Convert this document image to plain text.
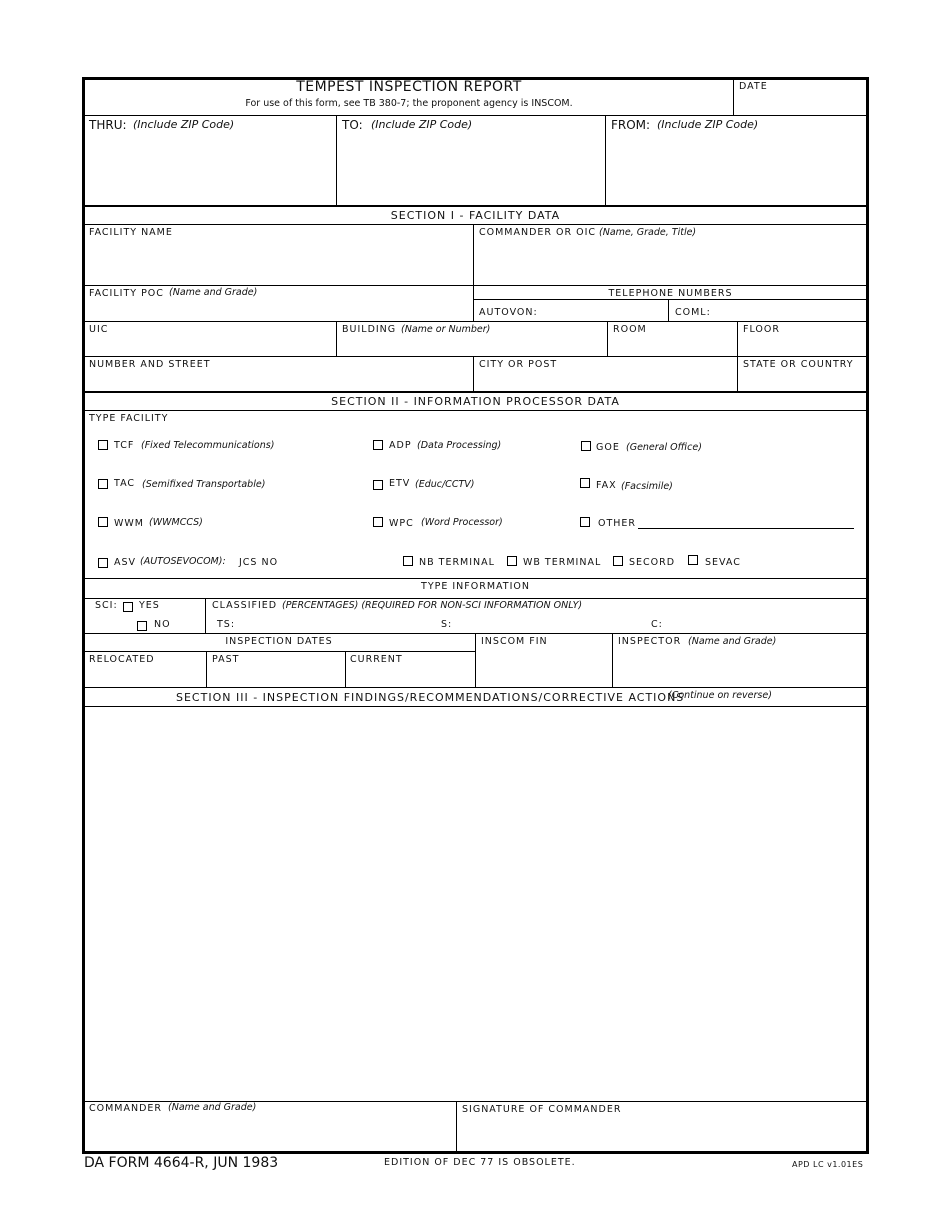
TEMPEST INSPECTION REPORT
For use of this form, see TB 380-7; the proponent agency is INSCOM.
DATE
THRU: (Include ZIP Code)	TO: (Include ZIP Code)	FROM: (Include ZIP Code)
SECTION I - FACILITY DATA
FACILITY NAME	COMMANDER OR OIC (Name, Grade, Title)
FACILITY POC (Name and Grade)	TELEPHONE NUMBERS
AUTOVON:	COML:
UIC	BUILDING (Name or Number)	ROOM	FLOOR
NUMBER AND STREET	CITY OR POST	STATE OR COUNTRY
SECTION II - INFORMATION PROCESSOR DATA
TYPE FACILITY
TCF (Fixed Telecommunications)	ADP (Data Processing)	GOE (General Office)
TAC (Semifixed Transportable)	ETV (Educ/CCTV)	FAX (Facsimile)
WWM (WWMCCS)	WPC (Word Processor)	OTHER
ASV (AUTOSEVOCOM): JCS NO	NB TERMINAL	WB TERMINAL	SECORD	SEVAC
TYPE INFORMATION
SCI: YES
NO
CLASSIFIED (PERCENTAGES) (REQUIRED FOR NON-SCI INFORMATION ONLY)
TS:	S:	C:
INSPECTION DATES	INSCOM FIN	INSPECTOR (Name and Grade)
RELOCATED	PAST	CURRENT
SECTION III - INSPECTION FINDINGS/RECOMMENDATIONS/CORRECTIVE ACTIONS
(Continue on reverse)
COMMANDER (Name and Grade)	SIGNATURE OF COMMANDER
DA FORM 4664-R, JUN 1983	EDITION OF DEC 77 IS OBSOLETE.	APD LC v1.01ES
